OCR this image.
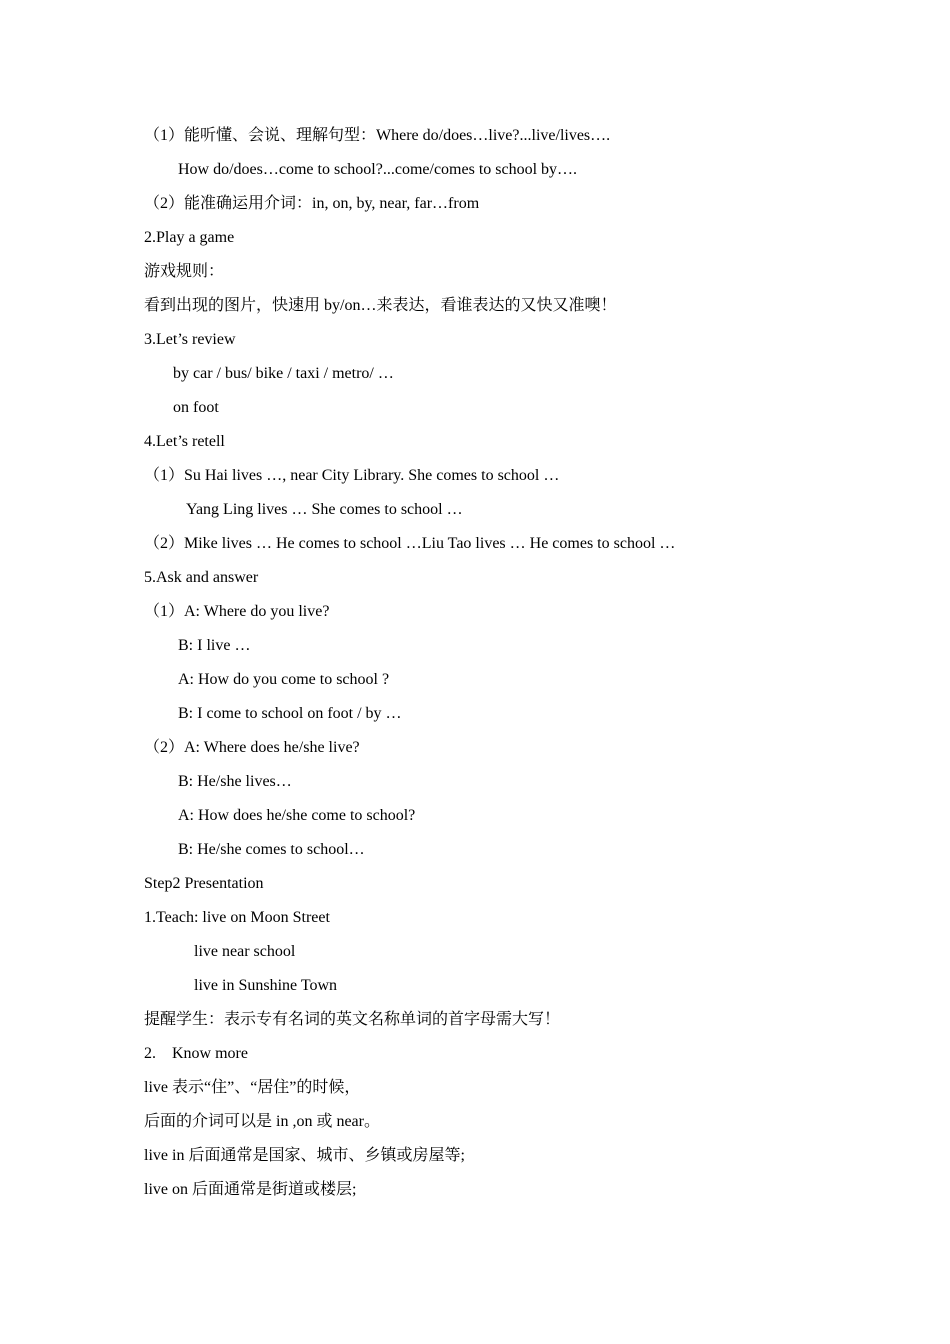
（1）能听懂、会说、理解句型：Where do/does…live?...live/lives….
How do/does…come to school?...come/comes to school by….
（2）能准确运用介词：in, on, by, near, far…from
2.Play a game
游戏规则：
看到出现的图片，快速用 by/on…来表达，看谁表达的又快又准噢！
3.Let’s review
by car / bus/ bike / taxi / metro/ …
on foot
4.Let’s retell
（1）Su Hai lives …, near City Library. She comes to school …
Yang Ling lives … She comes to school …
（2）Mike lives … He comes to school …Liu Tao lives … He comes to school …
5.Ask and answer
（1）A: Where do you live?
B: I live …
A: How do you come to school ?
B: I come to school on foot / by …
（2）A: Where does he/she live?
B: He/she lives…
A: How does he/she come to school?
B: He/she comes to school…
Step2 Presentation
1.Teach: live on Moon Street
live near school
live in Sunshine Town
提醒学生：表示专有名词的英文名称单词的首字母需大写！
2.    Know more
live 表示“住”、“居住”的时候，
后面的介词可以是 in ,on 或 near。
live in 后面通常是国家、城市、乡镇或房屋等;
live on 后面通常是街道或楼层;
